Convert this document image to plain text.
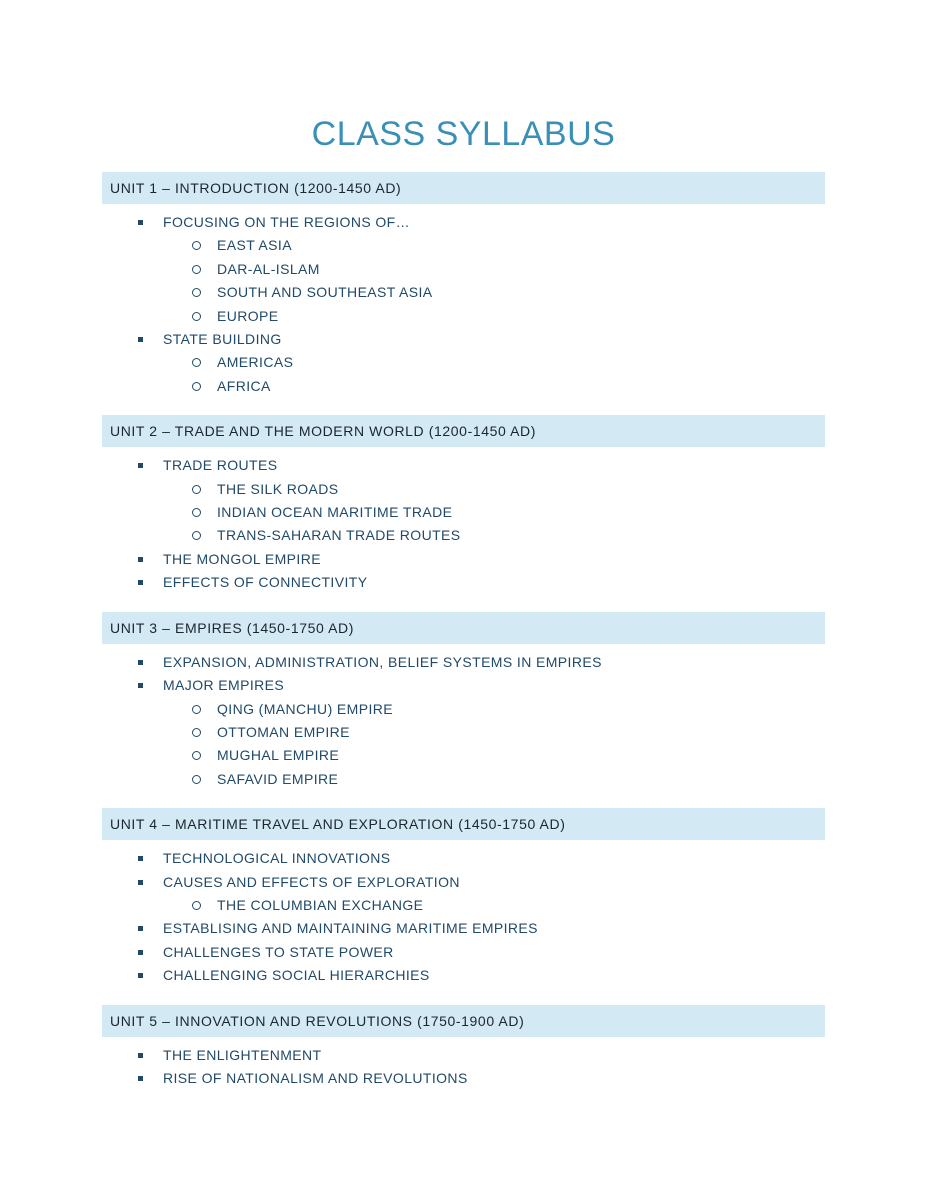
CLASS SYLLABUS
UNIT 1 – INTRODUCTION (1200-1450 AD)
FOCUSING ON THE REGIONS OF…
EAST ASIA
DAR-AL-ISLAM
SOUTH AND SOUTHEAST ASIA
EUROPE
STATE BUILDING
AMERICAS
AFRICA
UNIT 2 – TRADE AND THE MODERN WORLD (1200-1450 AD)
TRADE ROUTES
THE SILK ROADS
INDIAN OCEAN MARITIME TRADE
TRANS-SAHARAN TRADE ROUTES
THE MONGOL EMPIRE
EFFECTS OF CONNECTIVITY
UNIT 3 – EMPIRES (1450-1750 AD)
EXPANSION, ADMINISTRATION, BELIEF SYSTEMS IN EMPIRES
MAJOR EMPIRES
QING (MANCHU) EMPIRE
OTTOMAN EMPIRE
MUGHAL EMPIRE
SAFAVID EMPIRE
UNIT 4 – MARITIME TRAVEL AND EXPLORATION (1450-1750 AD)
TECHNOLOGICAL INNOVATIONS
CAUSES AND EFFECTS OF EXPLORATION
THE COLUMBIAN EXCHANGE
ESTABLISING AND MAINTAINING MARITIME EMPIRES
CHALLENGES TO STATE POWER
CHALLENGING SOCIAL HIERARCHIES
UNIT 5 – INNOVATION AND REVOLUTIONS (1750-1900 AD)
THE ENLIGHTENMENT
RISE OF NATIONALISM AND REVOLUTIONS
